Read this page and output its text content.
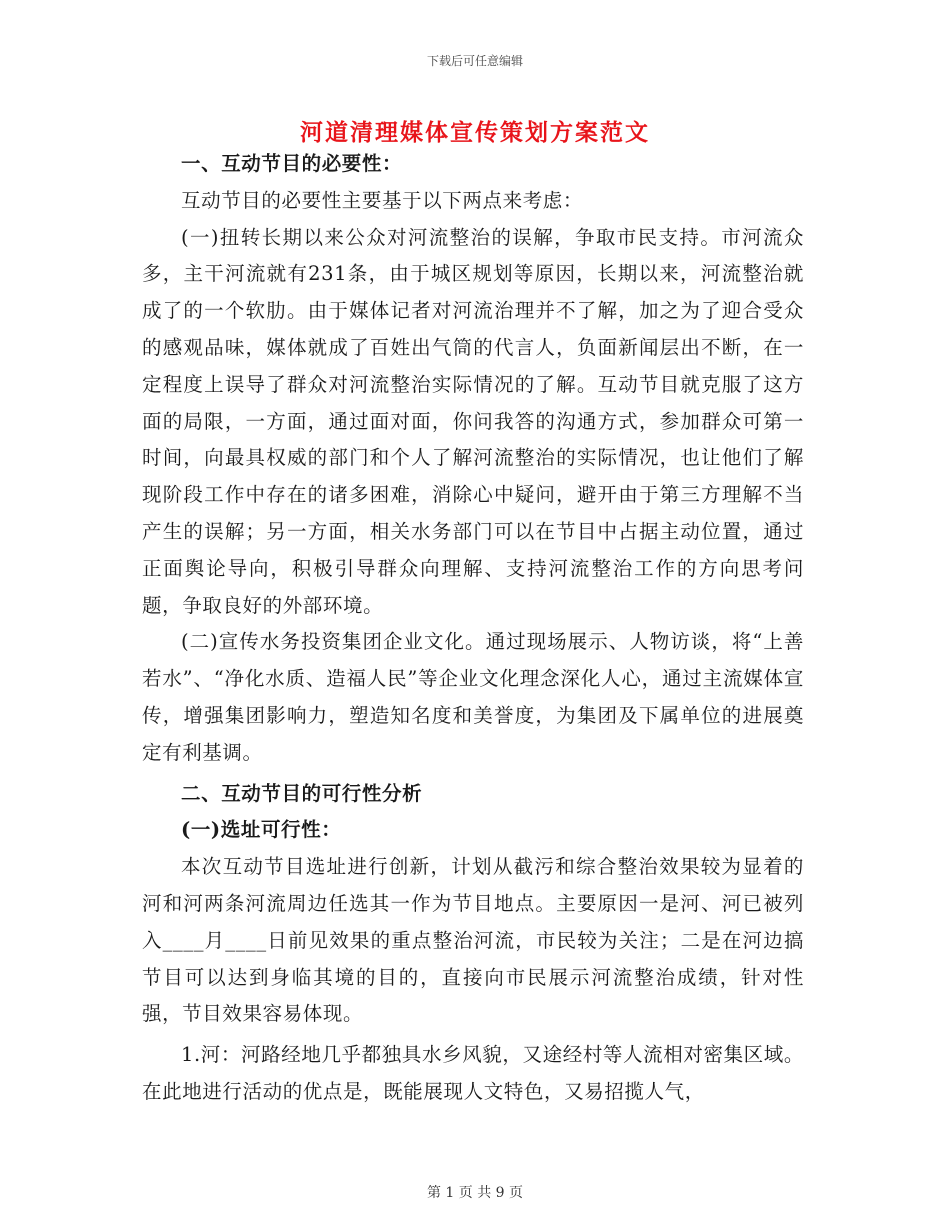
下载后可任意编辑
河道清理媒体宣传策划方案范文

一、互动节目的必要性：

互动节目的必要性主要基于以下两点来考虑：

(一)扭转长期以来公众对河流整治的误解，争取市民支持。市河流众多，主干河流就有231条，由于城区规划等原因，长期以来，河流整治就成了的一个软肋。由于媒体记者对河流治理并不了解，加之为了迎合受众的感观品味，媒体就成了百姓出气筒的代言人，负面新闻层出不断，在一定程度上误导了群众对河流整治实际情况的了解。互动节目就克服了这方面的局限，一方面，通过面对面，你问我答的沟通方式，参加群众可第一时间，向最具权威的部门和个人了解河流整治的实际情况，也让他们了解现阶段工作中存在的诸多困难，消除心中疑问，避开由于第三方理解不当产生的误解；另一方面，相关水务部门可以在节目中占据主动位置，通过正面舆论导向，积极引导群众向理解、支持河流整治工作的方向思考问题，争取良好的外部环境。

(二)宣传水务投资集团企业文化。通过现场展示、人物访谈，将“上善若水”、“净化水质、造福人民”等企业文化理念深化人心，通过主流媒体宣传，增强集团影响力，塑造知名度和美誉度，为集团及下属单位的进展奠定有利基调。

二、互动节目的可行性分析

(一)选址可行性：

本次互动节目选址进行创新，计划从截污和综合整治效果较为显着的河和河两条河流周边任选其一作为节目地点。主要原因一是河、河已被列入____月____日前见效果的重点整治河流，市民较为关注；二是在河边搞节目可以达到身临其境的目的，直接向市民展示河流整治成绩，针对性强，节目效果容易体现。

1.河：河路经地几乎都独具水乡风貌，又途经村等人流相对密集区域。在此地进行活动的优点是，既能展现人文特色，又易招揽人气，

第 1 页 共 9 页
